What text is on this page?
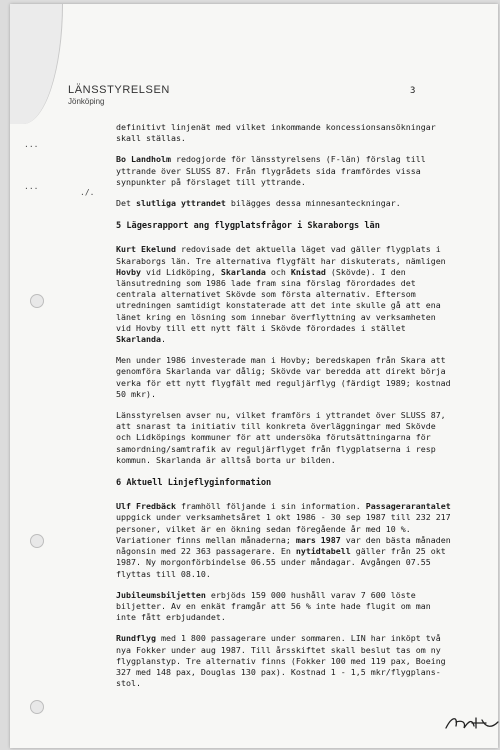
LÄNSSTYRELSEN
Jönköping
3
...
...
./.

definitivt linjenät med vilket inkommande koncessionsansökningar skall ställas.

Bo Landholm redogjorde för länsstyrelsens (F-län) förslag till yttrande över SLUSS 87. Från flygrådets sida framfördes vissa synpunkter på förslaget till yttrande.

Det slutliga yttrandet bilägges dessa minnesanteckningar.

5 Lägesrapport ang flygplatsfrågor i Skaraborgs län

Kurt Ekelund redovisade det aktuella läget vad gäller flygplats i Skaraborgs län. Tre alternativa flygfält har diskuterats, nämligen Hovby vid Lidköping, Skarlanda och Knistad (Skövde). I den länsutredning som 1986 lade fram sina förslag förordades det centrala alternativet Skövde som första alternativ. Eftersom utredningen samtidigt konstaterade att det inte skulle gå att ena länet kring en lösning som innebar överflyttning av verksamheten vid Hovby till ett nytt fält i Skövde förordades i stället Skarlanda.

Men under 1986 investerade man i Hovby; beredskapen från Skara att genomföra Skarlanda var dålig; Skövde var beredda att direkt börja verka för ett nytt flygfält med reguljärflyg (färdigt 1989; kostnad 50 mkr).

Länsstyrelsen avser nu, vilket framförs i yttrandet över SLUSS 87, att snarast ta initiativ till konkreta överläggningar med Skövde och Lidköpings kommuner för att undersöka förutsättningarna för samordning/samtrafik av reguljärflyget från flygplatserna i resp kommun. Skarlanda är alltså borta ur bilden.

6 Aktuell Linjeflyginformation

Ulf Fredbäck framhöll följande i sin information. Passagerarantalet uppgick under verksamhetsåret 1 okt 1986 - 30 sep 1987 till 232 217 personer, vilket är en ökning sedan föregående år med 10 %. Variationer finns mellan månaderna; mars 1987 var den bästa månaden någonsin med 22 363 passagerare. En nytidtabell gäller från 25 okt 1987. Ny morgonförbindelse 06.55 under måndagar. Avgången 07.55 flyttas till 08.10.

Jubileumsbiljetten erbjöds 159 000 hushåll varav 7 600 löste biljetter. Av en enkät framgår att 56 % inte hade flugit om man inte fått erbjudandet.

Rundflyg med 1 800 passagerare under sommaren. LIN har inköpt två nya Fokker under aug 1987. Till årsskiftet skall beslut tas om ny flygplanstyp. Tre alternativ finns (Fokker 100 med 119 pax, Boeing 327 med 148 pax, Douglas 130 pax). Kostnad 1 - 1,5 mkr/flygplans-stol.
